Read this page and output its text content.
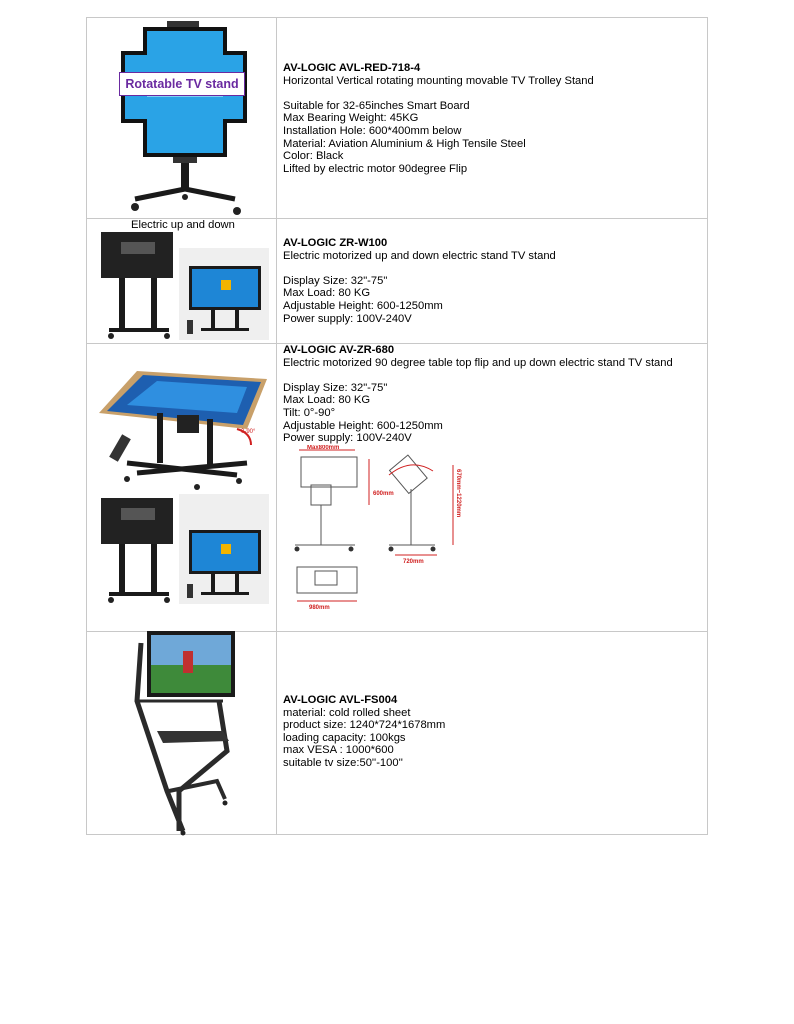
AV-LOGIC AVL-RED-718-4
Horizontal Vertical rotating mounting movable TV Trolley Stand
Suitable for 32-65inches Smart Board
Max Bearing Weight: 45KG
Installation Hole: 600*400mm below
Material: Aviation Aluminium & High Tensile Steel
Color: Black
Lifted by electric motor 90degree Flip
Rotatable TV stand
Electric up and down
AV-LOGIC ZR-W100
Electric motorized up and down electric stand TV stand
Display Size: 32"-75"
Max Load: 80 KG
Adjustable Height: 600-1250mm
Power supply: 100V-240V
AV-LOGIC AV-ZR-680
Electric motorized 90 degree table top flip and up down electric stand TV stand
Display Size: 32"-75"
Max Load: 80 KG
Tilt: 0°-90°
Adjustable Height: 600-1250mm
Power supply: 100V-240V
0-90°
Max800mm
600mm
720mm
980mm
670mm~1220mm
AV-LOGIC AVL-FS004
material: cold rolled sheet
product size: 1240*724*1678mm
loading capacity: 100kgs
max VESA : 1000*600
suitable tv size:50''-100''
